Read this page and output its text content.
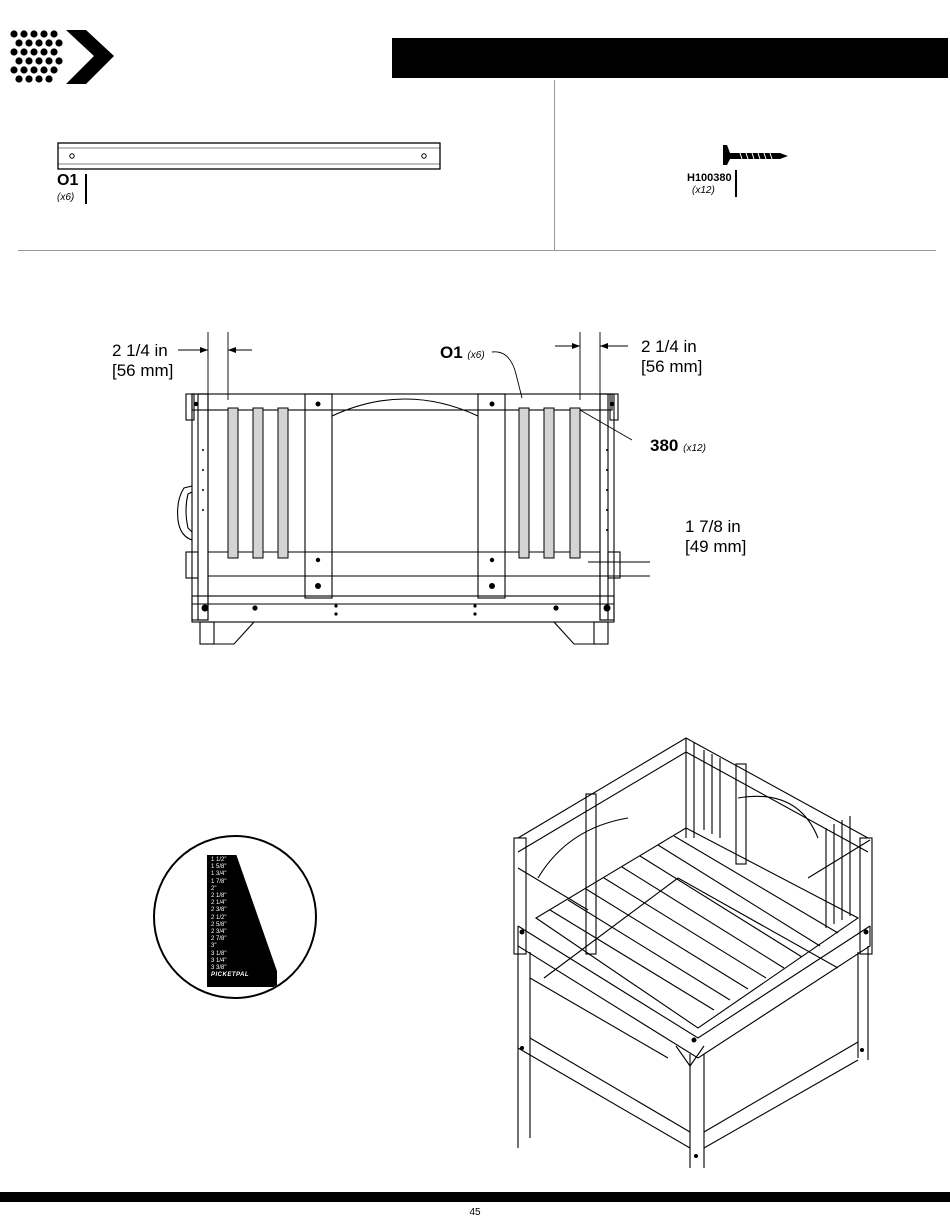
O1
(x6)
H100380
(x12)
2 1/4 in
[56 mm]
2 1/4 in
[56 mm]
1 7/8 in
[49 mm]
O1 (x6)
380 (x12)
1 1/2"
1 5/8"
1 3/4"
1 7/8"
2"
2 1/8"
2 1/4"
2 3/8"
2 1/2"
2 5/8"
2 3/4"
2 7/8"
3"
3 1/8"
3 1/4"
3 3/8"
PICKETPAL
45
